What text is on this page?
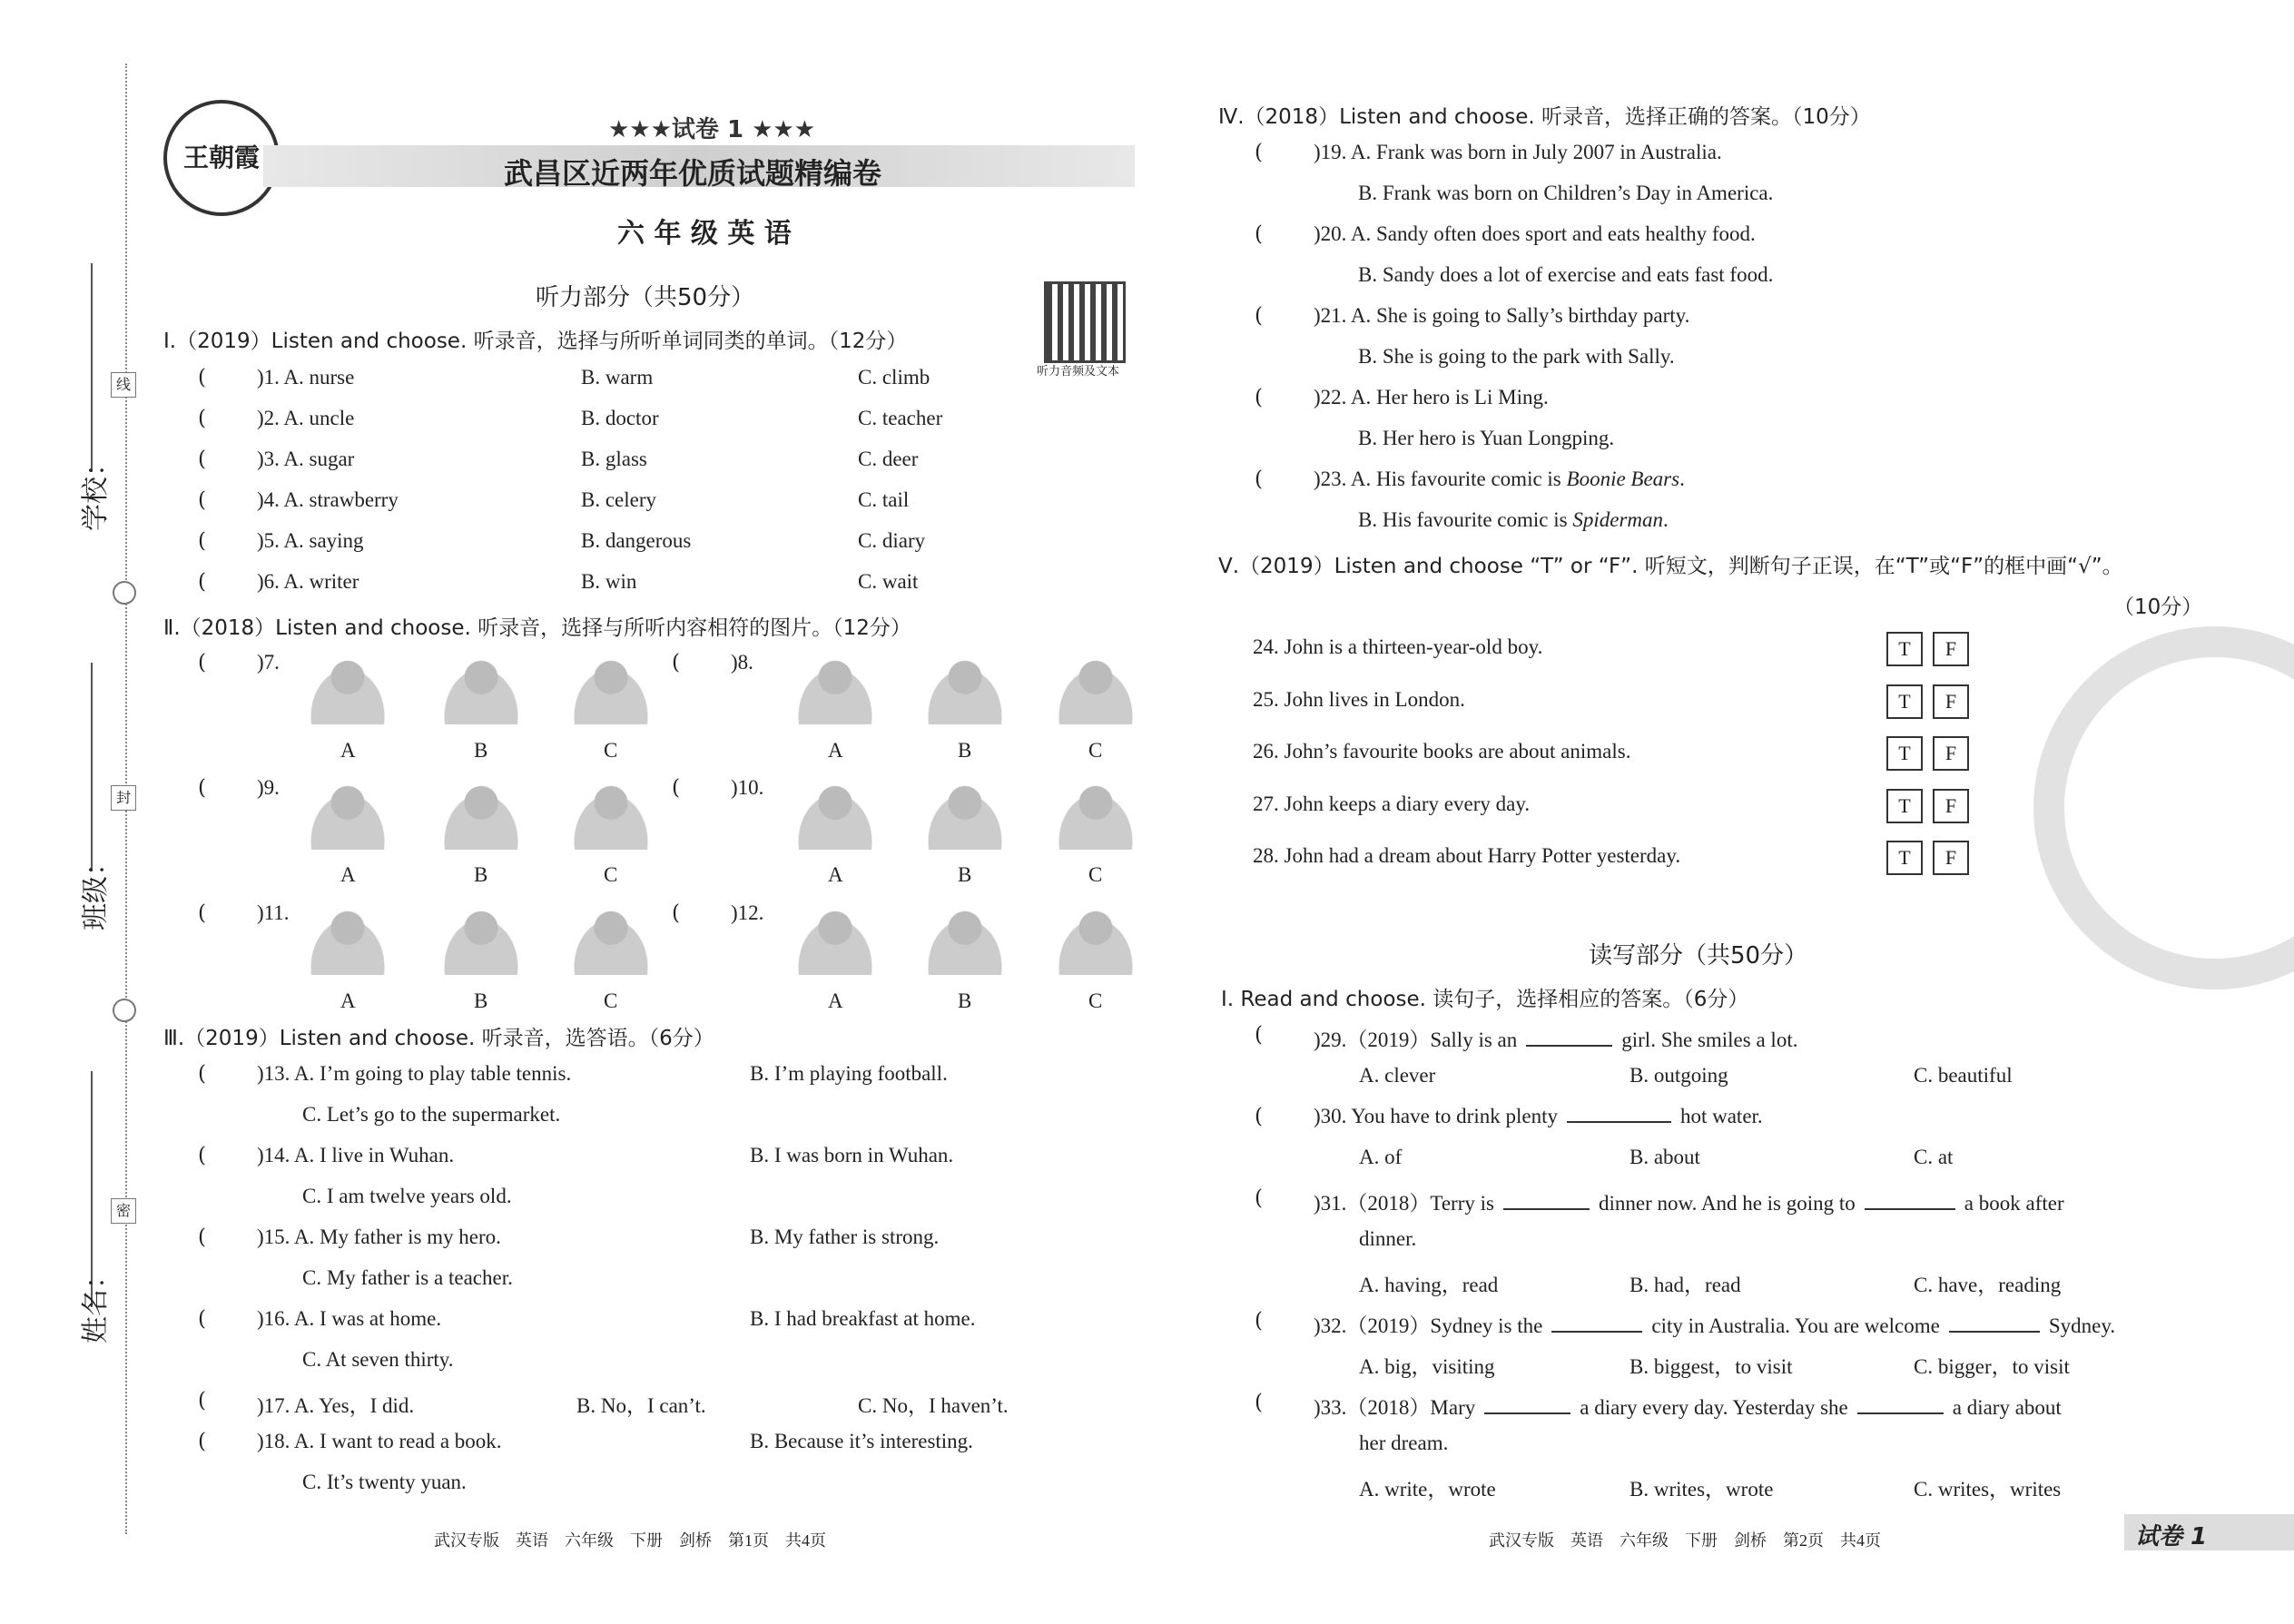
学校：
班级：
姓名：
线
封
密
王朝霞
★★★试卷 1 ★★★
武昌区近两年优质试题精编卷
六 年 级 英 语
听力音频及文本
听力部分（共50分）
Ⅰ.（2019）Listen and choose. 听录音，选择与所听单词同类的单词。（12分）
( )1. A. nurse	B. warm	C. climb
( )2. A. uncle	B. doctor	C. teacher
( )3. A. sugar	B. glass	C. deer
( )4. A. strawberry	B. celery	C. tail
( )5. A. saying	B. dangerous	C. diary
( )6. A. writer	B. win	C. wait
Ⅱ.（2018）Listen and choose. 听录音，选择与所听内容相符的图片。（12分）
( )7.	( )8.
( )9.	( )10.
( )11.	( )12.
A	B	C	A	B	C
A	B	C	A	B	C
A	B	C	A	B	C
Ⅲ.（2019）Listen and choose. 听录音，选答语。（6分）
( )13. A. I’m going to play table tennis.	B. I’m playing football.
C. Let’s go to the supermarket.
( )14. A. I live in Wuhan.	B. I was born in Wuhan.
C. I am twelve years old.
( )15. A. My father is my hero.	B. My father is strong.
C. My father is a teacher.
( )16. A. I was at home.	B. I had breakfast at home.
C. At seven thirty.
( )17. A. Yes，I did.	B. No，I can’t.	C. No，I haven’t.
( )18. A. I want to read a book.	B. Because it’s interesting.
C. It’s twenty yuan.
Ⅳ.（2018）Listen and choose. 听录音，选择正确的答案。（10分）
( )19. A. Frank was born in July 2007 in Australia.
B. Frank was born on Children’s Day in America.
( )20. A. Sandy often does sport and eats healthy food.
B. Sandy does a lot of exercise and eats fast food.
( )21. A. She is going to Sally’s birthday party.
B. She is going to the park with Sally.
( )22. A. Her hero is Li Ming.
B. Her hero is Yuan Longping.
( )23. A. His favourite comic is Boonie Bears.
B. His favourite comic is Spiderman.
Ⅴ.（2019）Listen and choose “T” or “F”. 听短文，判断句子正误，在“T”或“F”的框中画“√”。
（10分）
24. John is a thirteen-year-old boy.	T	F
25. John lives in London.	T	F
26. John’s favourite books are about animals.	T	F
27. John keeps a diary every day.	T	F
28. John had a dream about Harry Potter yesterday.	T	F
读写部分（共50分）
Ⅰ. Read and choose. 读句子，选择相应的答案。（6分）
( )29.（2019）Sally is an	girl. She smiles a lot.
A. clever	B. outgoing	C. beautiful
( )30. You have to drink plenty	hot water.
A. of	B. about	C. at
( )31.（2018）Terry is	dinner now. And he is going to	a book after
dinner.
A. having，read	B. had，read	C. have，reading
( )32.（2019）Sydney is the	city in Australia. You are welcome	Sydney.
A. big，visiting	B. biggest，to visit	C. bigger，to visit
( )33.（2018）Mary	a diary every day. Yesterday she	a diary about
her dream.
A. write，wrote	B. writes，wrote	C. writes，writes
武汉专版　英语　六年级　下册　剑桥　第1页　共4页	武汉专版　英语　六年级　下册　剑桥　第2页　共4页	试卷 1
